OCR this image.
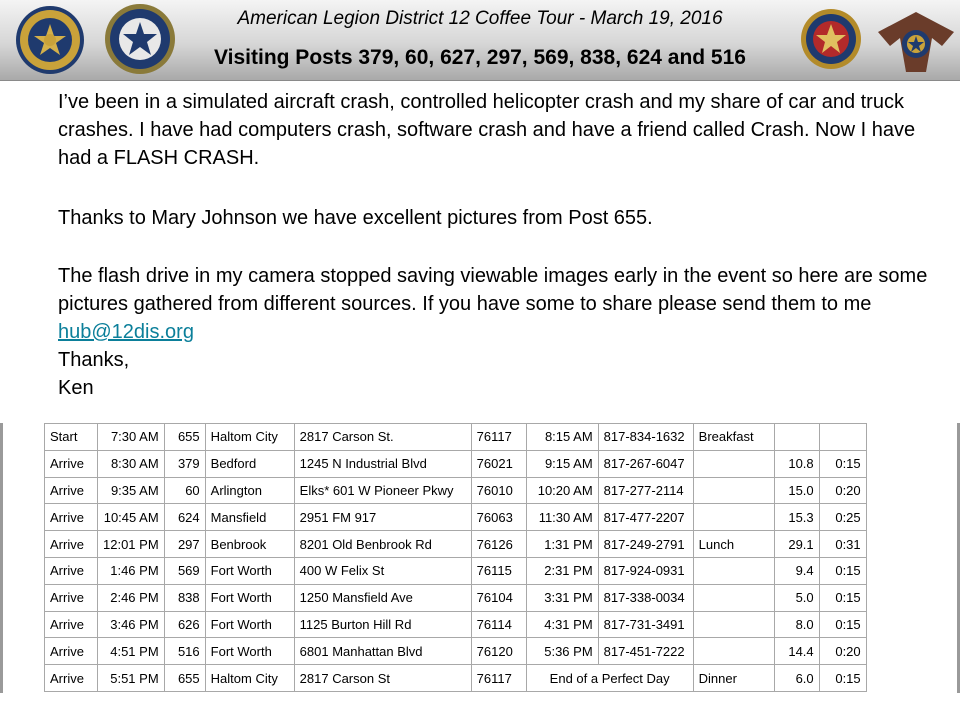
American Legion District 12 Coffee Tour - March 19, 2016
Visiting Posts 379, 60, 627, 297, 569, 838, 624 and 516

I’ve been in a simulated aircraft crash, controlled helicopter crash and my share of car and truck crashes. I have had computers crash, software crash and have a friend called Crash. Now I have had a FLASH CRASH.

Thanks to Mary Johnson we have excellent pictures from Post 655.

The flash drive in my camera stopped saving viewable images early in the event so here are some pictures gathered from different sources. If you have some to share please send them to me hub@12dis.org

Thanks,

Ken

Start	7:30 AM	655	Haltom City	2817 Carson St.	76117	8:15 AM	817-834-1632	Breakfast		
Arrive	8:30 AM	379	Bedford	1245 N Industrial Blvd	76021	9:15 AM	817-267-6047		10.8	0:15
Arrive	9:35 AM	60	Arlington	Elks* 601 W Pioneer Pkwy	76010	10:20 AM	817-277-2114		15.0	0:20
Arrive	10:45 AM	624	Mansfield	2951 FM 917	76063	11:30 AM	817-477-2207		15.3	0:25
Arrive	12:01 PM	297	Benbrook	8201 Old Benbrook Rd	76126	1:31 PM	817-249-2791	Lunch	29.1	0:31
Arrive	1:46 PM	569	Fort Worth	400 W Felix St	76115	2:31 PM	817-924-0931		9.4	0:15
Arrive	2:46 PM	838	Fort Worth	1250 Mansfield Ave	76104	3:31 PM	817-338-0034		5.0	0:15
Arrive	3:46 PM	626	Fort Worth	1125 Burton Hill Rd	76114	4:31 PM	817-731-3491		8.0	0:15
Arrive	4:51 PM	516	Fort Worth	6801 Manhattan Blvd	76120	5:36 PM	817-451-7222		14.4	0:20
Arrive	5:51 PM	655	Haltom City	2817 Carson St	76117	End of a Perfect Day		Dinner	6.0	0:15
